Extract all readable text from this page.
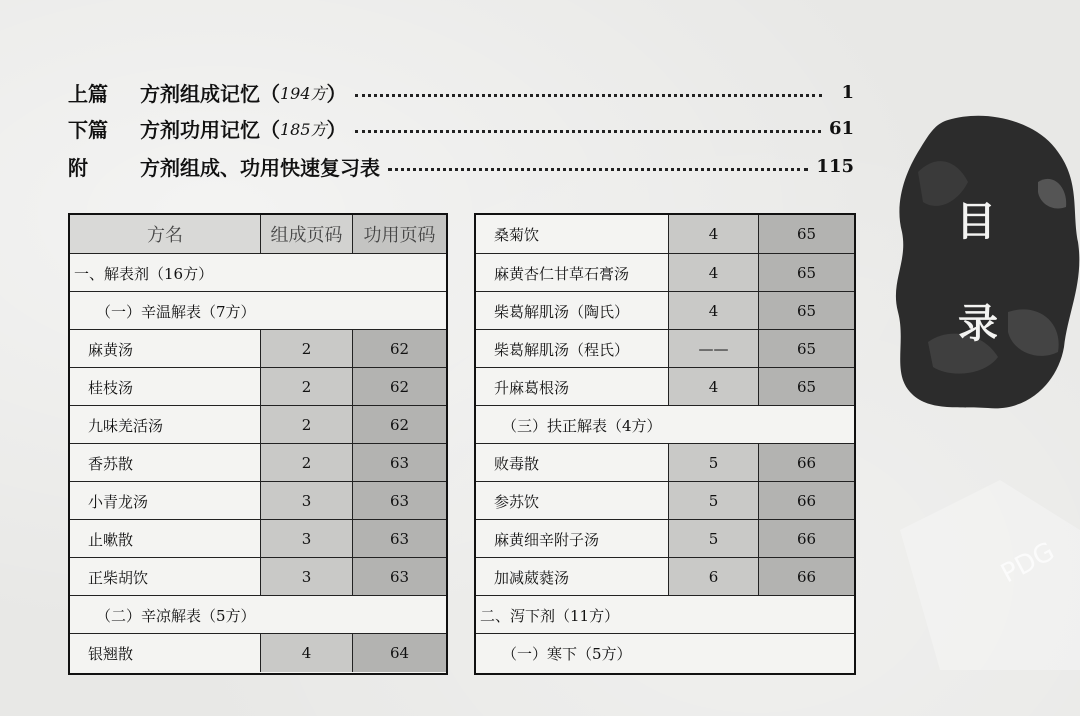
上篇	方剂组成记忆（ 194方 ）	1
下篇	方剂功用记忆（ 185方 ）	61
附	方剂组成、功用快速复习表	115
方名	组成页码	功用页码
一、解表剂（16方）
（一）辛温解表（7方）
麻黄汤	2	62
桂枝汤	2	62
九味羌活汤	2	62
香苏散	2	63
小青龙汤	3	63
止嗽散	3	63
正柴胡饮	3	63
（二）辛凉解表（5方）
银翘散	4	64
桑菊饮	4	65
麻黄杏仁甘草石膏汤	4	65
柴葛解肌汤（陶氏）	4	65
柴葛解肌汤（程氏）	——	65
升麻葛根汤	4	65
（三）扶正解表（4方）
败毒散	5	66
参苏饮	5	66
麻黄细辛附子汤	5	66
加减葳蕤汤	6	66
二、泻下剂（11方）
（一）寒下（5方）
目
录
PDG
